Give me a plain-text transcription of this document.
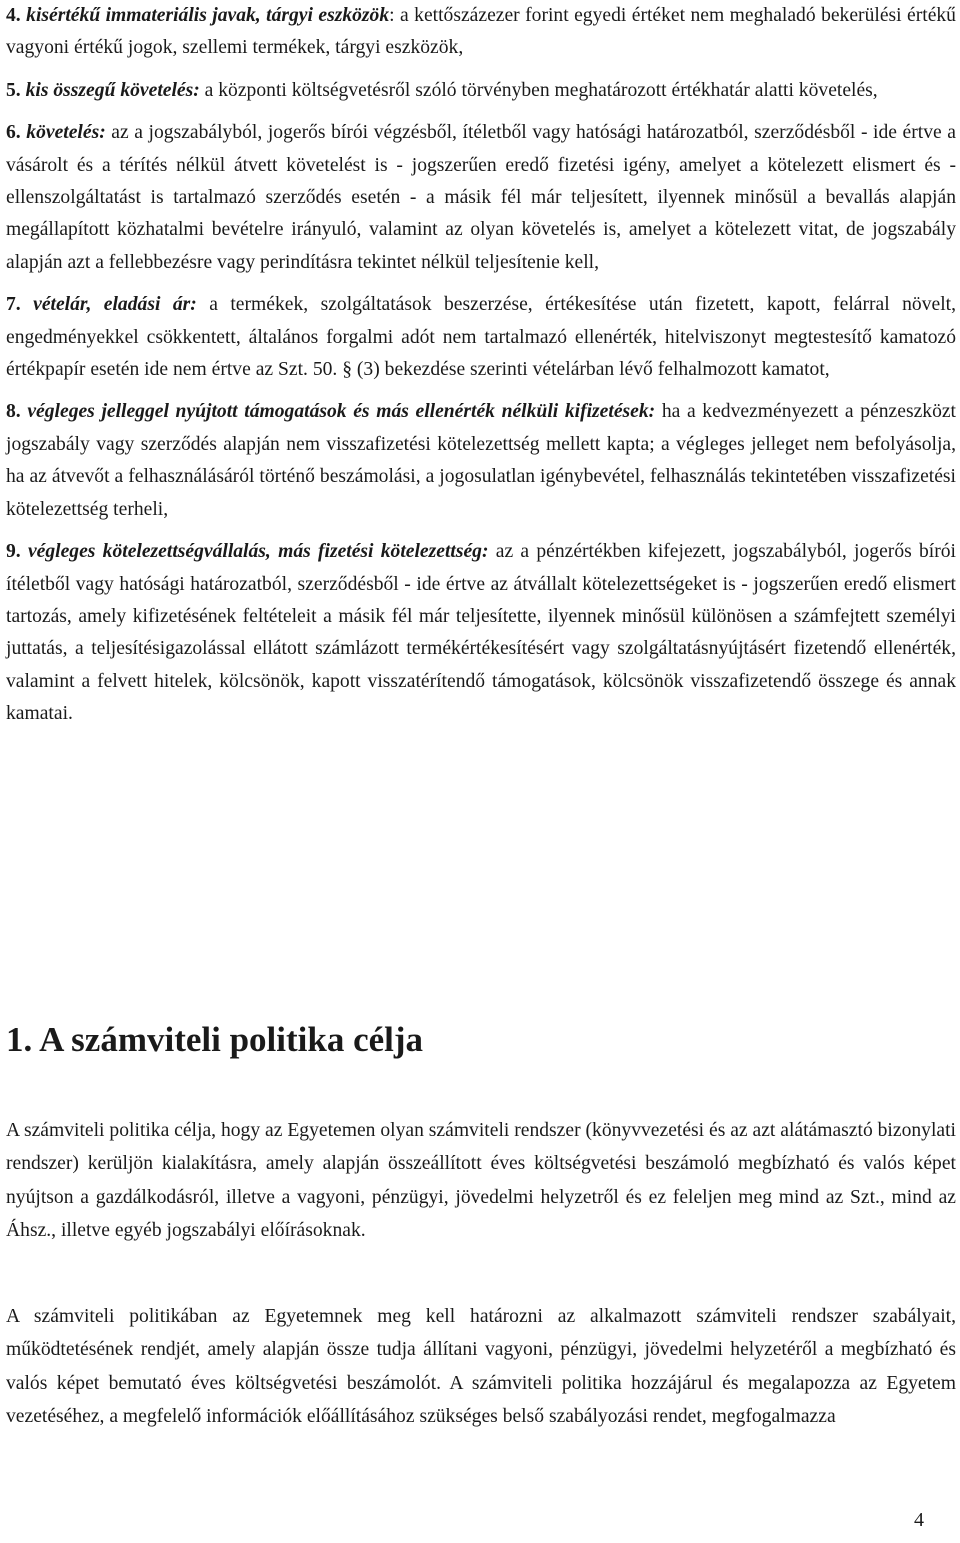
4. kisértékű immateriális javak, tárgyi eszközök: a kettőszázezer forint egyedi értéket nem meghaladó bekerülési értékű vagyoni értékű jogok, szellemi termékek, tárgyi eszközök,

5. kis összegű követelés: a központi költségvetésről szóló törvényben meghatározott értékhatár alatti követelés,

6. követelés: az a jogszabályból, jogerős bírói végzésből, ítéletből vagy hatósági határozatból, szerződésből - ide értve a vásárolt és a térítés nélkül átvett követelést is - jogszerűen eredő fizetési igény, amelyet a kötelezett elismert és - ellenszolgáltatást is tartalmazó szerződés esetén - a másik fél már teljesített, ilyennek minősül a bevallás alapján megállapított közhatalmi bevételre irányuló, valamint az olyan követelés is, amelyet a kötelezett vitat, de jogszabály alapján azt a fellebbezésre vagy perindításra tekintet nélkül teljesítenie kell,

7. vételár, eladási ár: a termékek, szolgáltatások beszerzése, értékesítése után fizetett, kapott, felárral növelt, engedményekkel csökkentett, általános forgalmi adót nem tartalmazó ellenérték, hitelviszonyt megtestesítő kamatozó értékpapír esetén ide nem értve az Szt. 50. § (3) bekezdése szerinti vételárban lévő felhalmozott kamatot,

8. végleges jelleggel nyújtott támogatások és más ellenérték nélküli kifizetések: ha a kedvezményezett a pénzeszközt jogszabály vagy szerződés alapján nem visszafizetési kötelezettség mellett kapta; a végleges jelleget nem befolyásolja, ha az átvevőt a felhasználásáról történő beszámolási, a jogosulatlan igénybevétel, felhasználás tekintetében visszafizetési kötelezettség terheli,

9. végleges kötelezettségvállalás, más fizetési kötelezettség: az a pénzértékben kifejezett, jogszabályból, jogerős bírói ítéletből vagy hatósági határozatból, szerződésből - ide értve az átvállalt kötelezettségeket is - jogszerűen eredő elismert tartozás, amely kifizetésének feltételeit a másik fél már teljesítette, ilyennek minősül különösen a számfejtett személyi juttatás, a teljesítésigazolással ellátott számlázott termékértékesítésért vagy szolgáltatásnyújtásért fizetendő ellenérték, valamint a felvett hitelek, kölcsönök, kapott visszatérítendő támogatások, kölcsönök visszafizetendő összege és annak kamatai.

1. A számviteli politika célja

A számviteli politika célja, hogy az Egyetemen olyan számviteli rendszer (könyvvezetési és az azt alátámasztó bizonylati rendszer) kerüljön kialakításra, amely alapján összeállított éves költségvetési beszámoló megbízható és valós képet nyújtson a gazdálkodásról, illetve a vagyoni, pénzügyi, jövedelmi helyzetről és ez feleljen meg mind az Szt., mind az Áhsz., illetve egyéb jogszabályi előírásoknak.

A számviteli politikában az Egyetemnek meg kell határozni az alkalmazott számviteli rendszer szabályait, működtetésének rendjét, amely alapján össze tudja állítani vagyoni, pénzügyi, jövedelmi helyzetéről a megbízható és valós képet bemutató éves költségvetési beszámolót. A számviteli politika hozzájárul és megalapozza az Egyetem vezetéséhez, a megfelelő információk előállításához szükséges belső szabályozási rendet, megfogalmazza

4
